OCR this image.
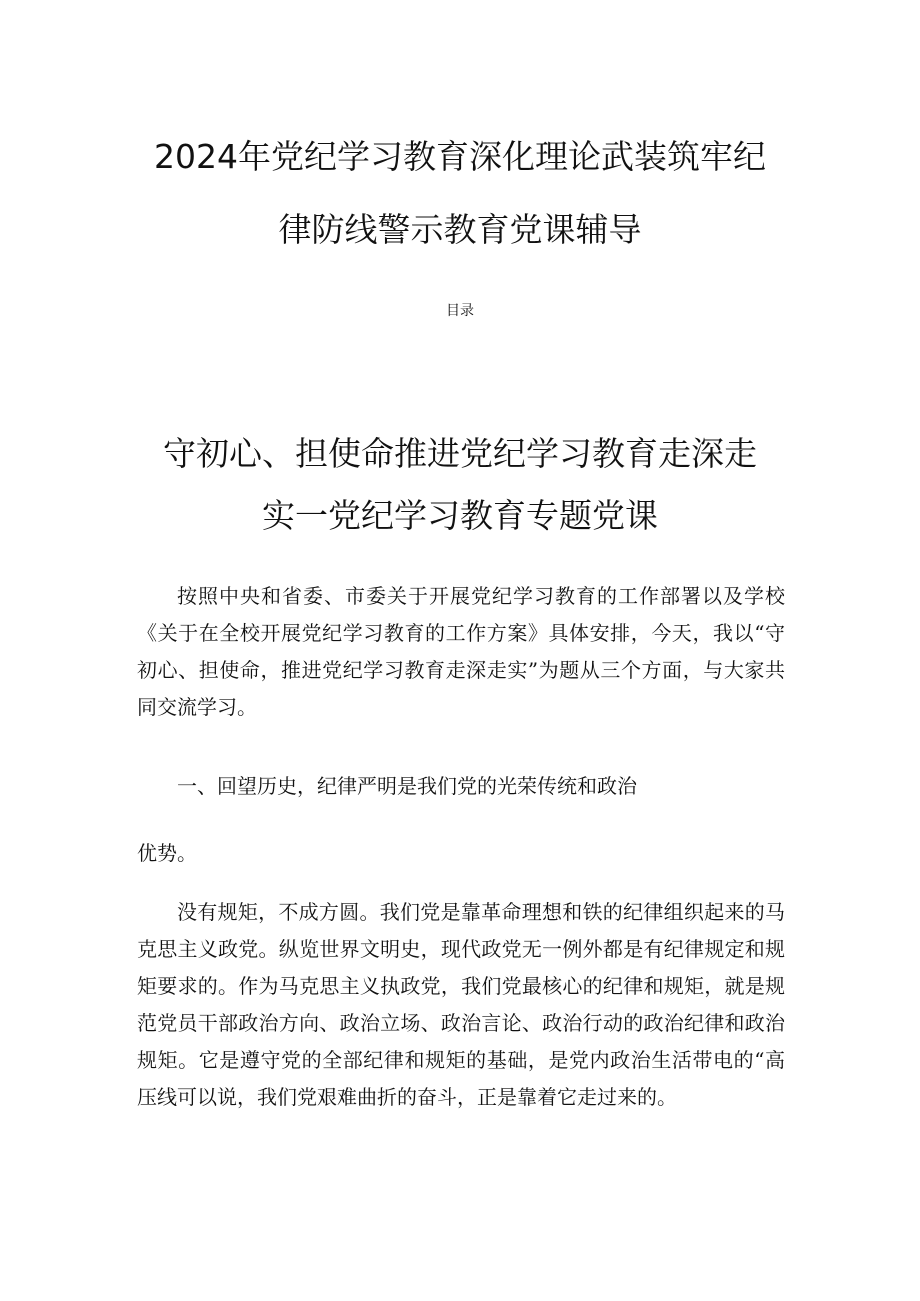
2024年党纪学习教育深化理论武装筑牢纪
律防线警示教育党课辅导
目录
守初心、担使命推进党纪学习教育走深走
实一党纪学习教育专题党课

按照中央和省委、市委关于开展党纪学习教育的工作部署以及学校《关于在全校开展党纪学习教育的工作方案》具体安排，今天，我以“守初心、担使命，推进党纪学习教育走深走实”为题从三个方面，与大家共同交流学习。

一、回望历史，纪律严明是我们党的光荣传统和政治

优势。

没有规矩，不成方圆。我们党是靠革命理想和铁的纪律组织起来的马克思主义政党。纵览世界文明史，现代政党无一例外都是有纪律规定和规矩要求的。作为马克思主义执政党，我们党最核心的纪律和规矩，就是规范党员干部政治方向、政治立场、政治言论、政治行动的政治纪律和政治规矩。它是遵守党的全部纪律和规矩的基础，是党内政治生活带电的“高压线可以说，我们党艰难曲折的奋斗，正是靠着它走过来的。
